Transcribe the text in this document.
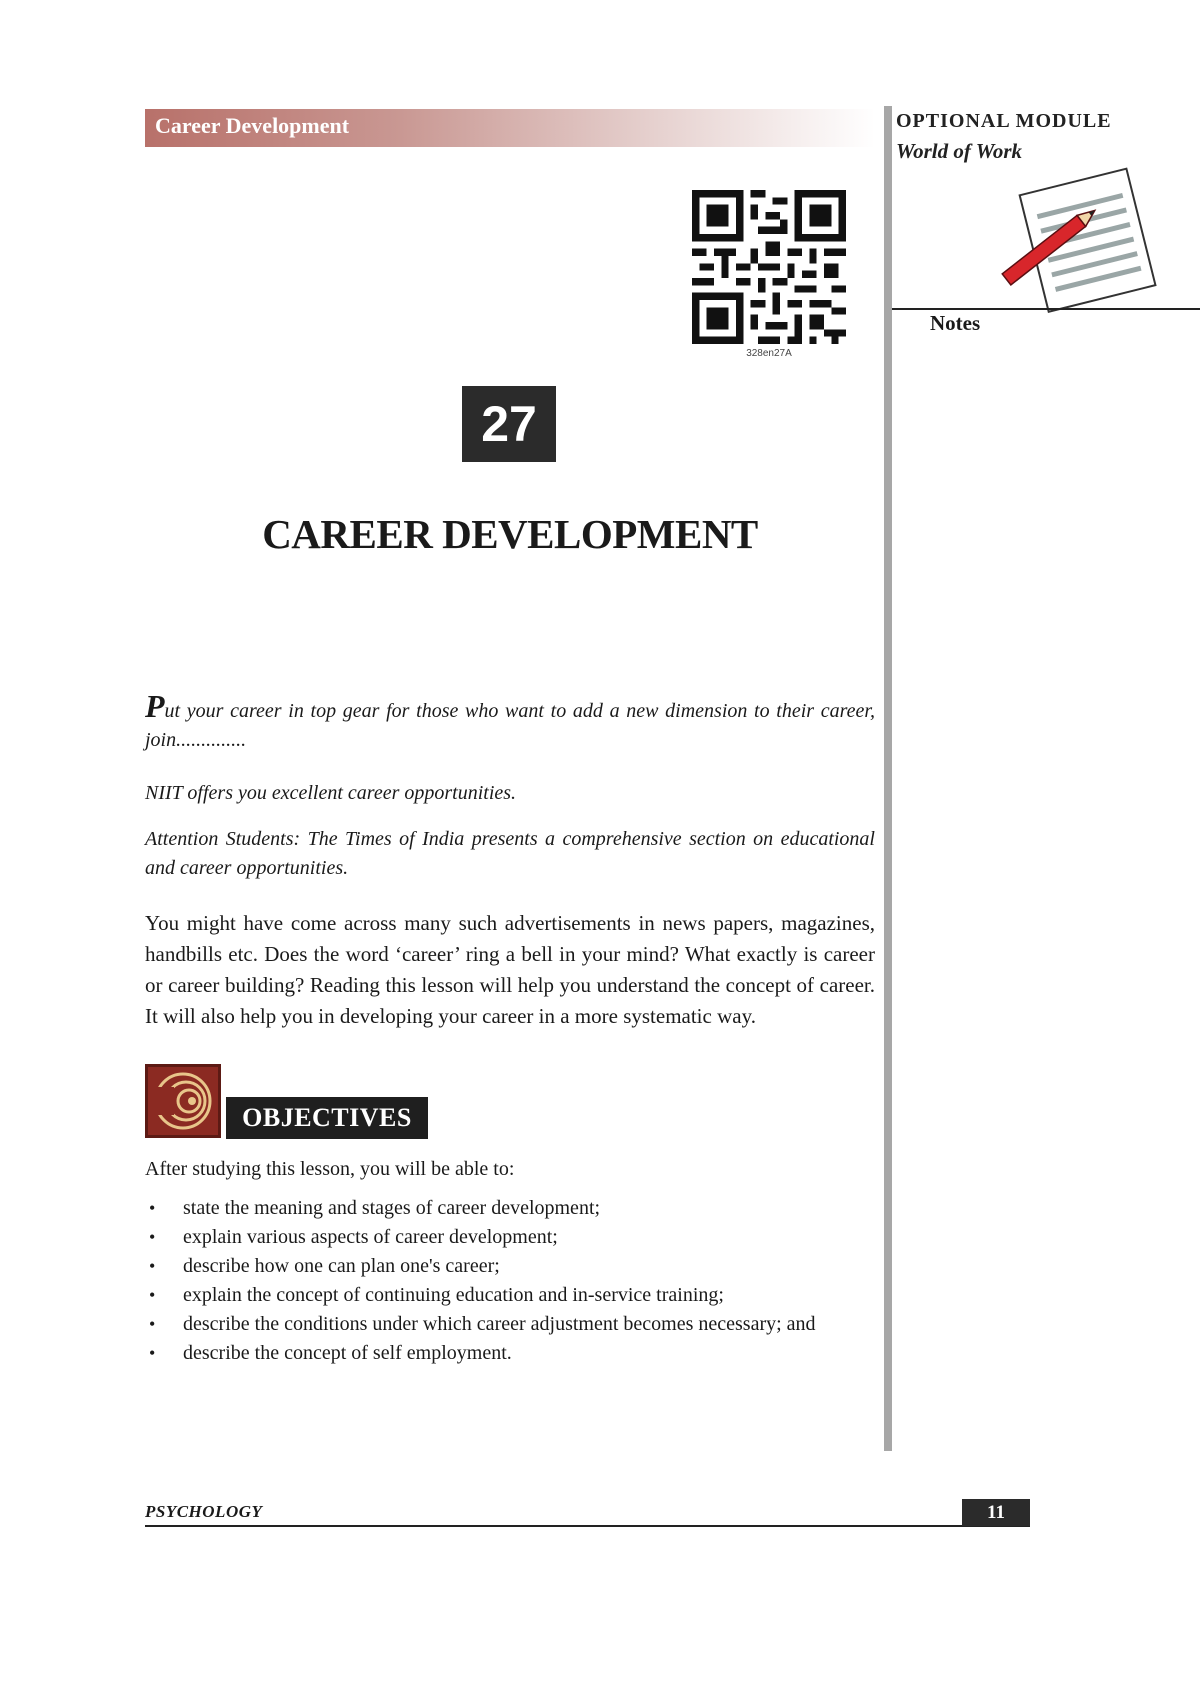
Career Development	OPTIONAL MODULE
World of Work
Notes
328en27A
27
CAREER DEVELOPMENT

Put your career in top gear for those who want to add a new dimension to their career, join..............

NIIT offers you excellent career opportunities.

Attention Students: The Times of India presents a comprehensive section on educational and career opportunities.

You might have come across many such advertisements in news papers, magazines, handbills etc. Does the word ‘career’ ring a bell in your mind? What exactly is career or career building? Reading this lesson will help you understand the concept of career. It will also help you in developing your career in a more systematic way.

OBJECTIVES
After studying this lesson, you will be able to:
• state the meaning and stages of career development;
• explain various aspects of career development;
• describe how one can plan one's career;
• explain the concept of continuing education and in-service training;
• describe the conditions under which career adjustment becomes necessary; and
• describe the concept of self employment.
PSYCHOLOGY	11
